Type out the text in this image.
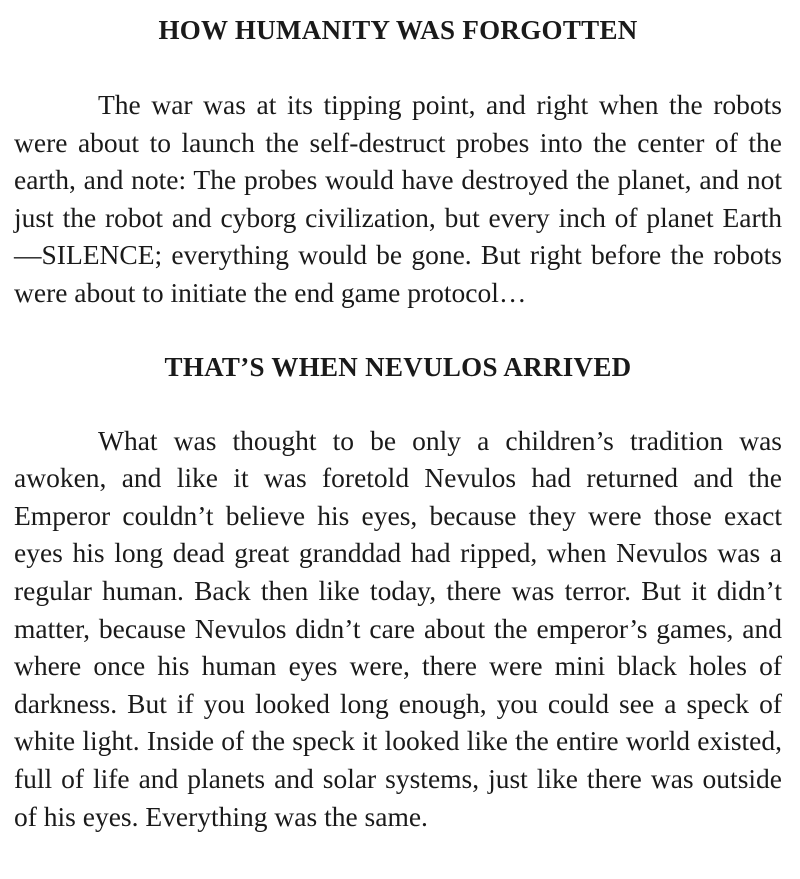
HOW HUMANITY WAS FORGOTTEN

The war was at its tipping point, and right when the robots were about to launch the self-destruct probes into the center of the earth, and note: The probes would have destroyed the planet, and not just the robot and cyborg civilization, but every inch of planet Earth—SILENCE; everything would be gone. But right before the robots were about to initiate the end game protocol…

THAT’S WHEN NEVULOS ARRIVED

What was thought to be only a children’s tradition was awoken, and like it was foretold Nevulos had returned and the Emperor couldn’t believe his eyes, because they were those exact eyes his long dead great granddad had ripped, when Nevulos was a regular human. Back then like today, there was terror. But it didn’t matter, because Nevulos didn’t care about the emperor’s games, and where once his human eyes were, there were mini black holes of darkness. But if you looked long enough, you could see a speck of white light. Inside of the speck it looked like the entire world existed, full of life and planets and solar systems, just like there was outside of his eyes. Everything was the same.
